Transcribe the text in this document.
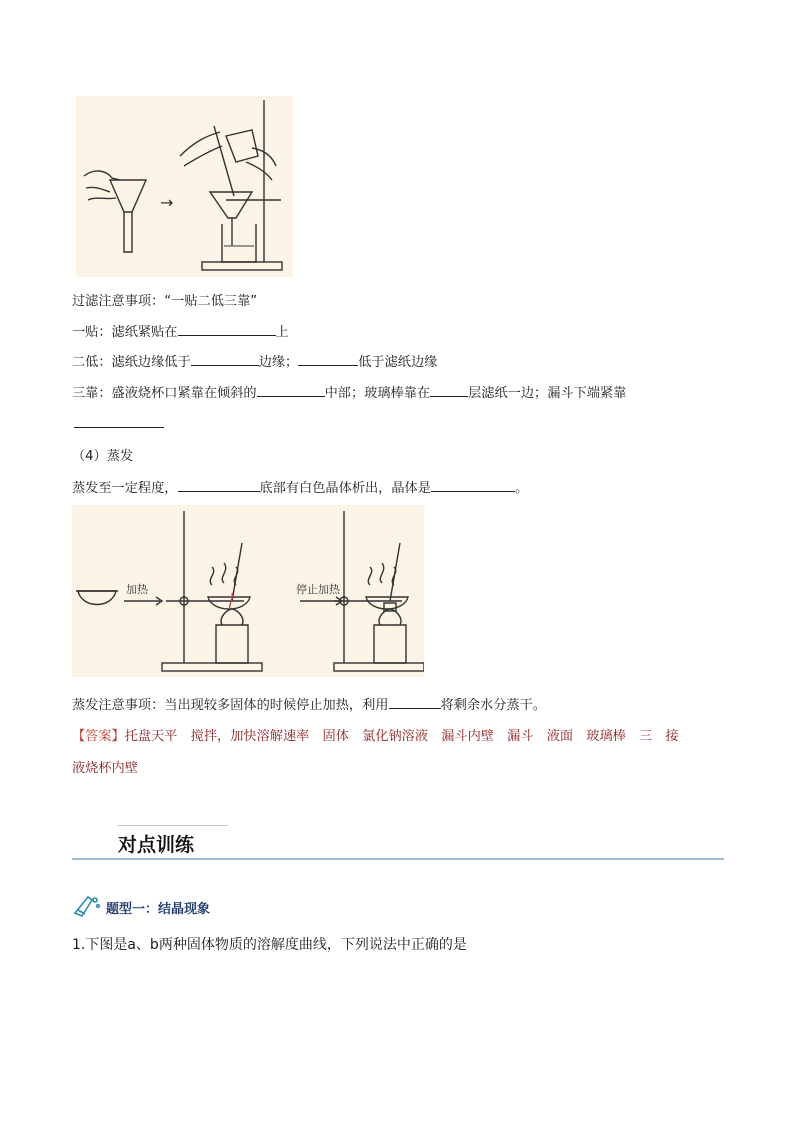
→
过滤注意事项：“一贴二低三靠”
一贴：滤纸紧贴在	上
二低：滤纸边缘低于	边缘；	低于滤纸边缘
三靠：盛液烧杯口紧靠在倾斜的	中部；玻璃棒靠在	层滤纸一边；漏斗下端紧靠
（4）蒸发
蒸发至一定程度，	底部有白色晶体析出，晶体是	。
加热	停止加热
蒸发注意事项：当出现较多固体的时候停止加热，利用	将剩余水分蒸干。
【答案】托盘天平　搅拌，加快溶解速率　固体　氯化钠溶液　漏斗内壁　漏斗　液面　玻璃棒　三　接
液烧杯内壁
对点训练
题型一：结晶现象
1.下图是a、b两种固体物质的溶解度曲线，下列说法中正确的是
